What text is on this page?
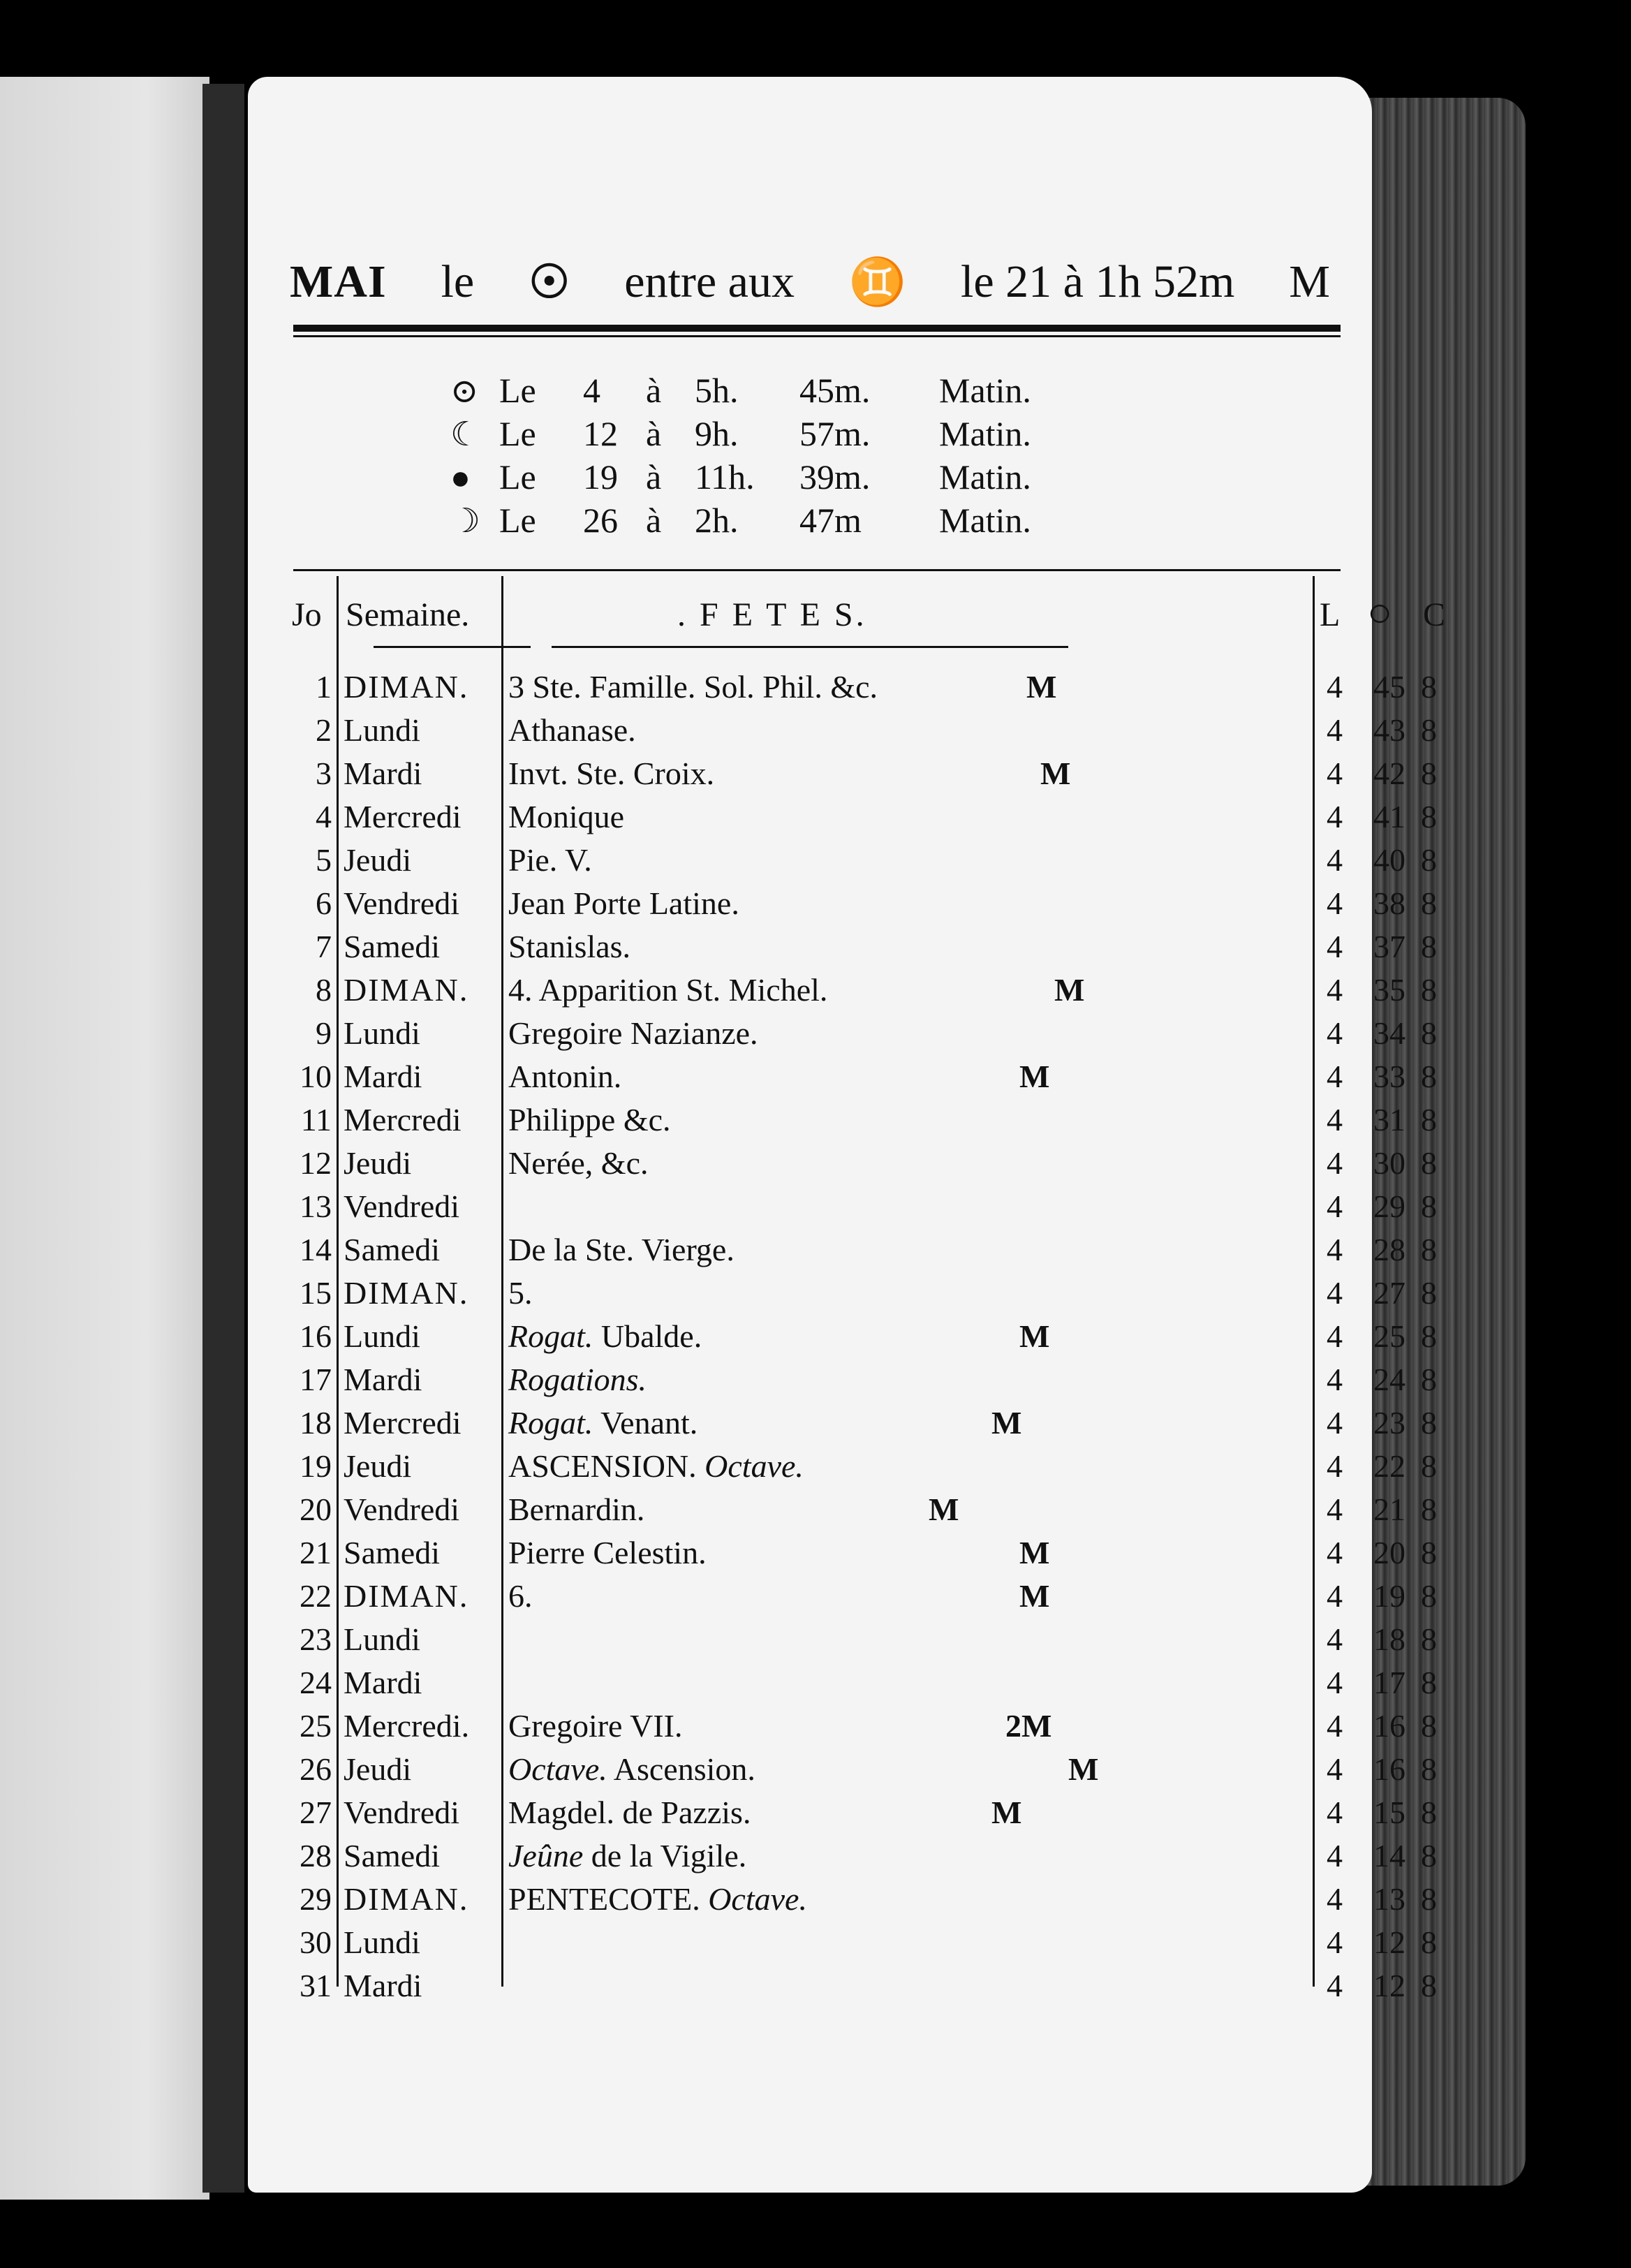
MAI le ☉ entre aux ♊ le 21 à 1h 52m M
⊙ Le	4	à 5h.	45m.	Matin.
☾ Le	12 à 9h.	57m.	Matin.
● Le	19 à 11h.	39m.	Matin.
☽ Le	26 à 2h.	47m	Matin.
Jo Semaine.	. F E T E S.	L ○ C
1 DIMAN. 3 Ste. Famille. Sol. Phil. &c.	M	4 45 8
2 Lundi	Athanase.	4 43 8
3 Mardi	Invt. Ste. Croix.	M	4 42 8
4 Mercredi Monique	4 41 8
5 Jeudi	Pie. V.	4 40 8
6 Vendredi Jean Porte Latine.	4 38 8
7 Samedi Stanislas.	4 37 8
8 DIMAN. 4. Apparition St. Michel.	M	4 35 8
9 Lundi	Gregoire Nazianze.	4 34 8
10 Mardi	Antonin.	M	4 33 8
11 Mercredi Philippe &c.	4 31 8
12 Jeudi	Nerée, &c.	4 30 8
13 Vendredi	4 29 8
14 Samedi De la Ste. Vierge.	4 28 8
15 DIMAN. 5.	4 27 8
16 Lundi	Rogat. Ubalde.	M	4 25 8
17 Mardi	Rogations.	4 24 8
18 Mercredi Rogat. Venant.	M	4 23 8
19 Jeudi	ASCENSION. Octave.	4 22 8
20 Vendredi Bernardin.	M	4 21 8
21 Samedi Pierre Celestin.	M	4 20 8
22 DIMAN. 6.	M	4 19 8
23 Lundi	4 18 8
24 Mardi	4 17 8
25 Mercredi. Gregoire VII.	2M	4 16 8
26 Jeudi	Octave. Ascension.	M	4 16 8
27 Vendredi Magdel. de Pazzis.	M	4 15 8
28 Samedi Jeûne de la Vigile.	4 14 8
29 DIMAN. PENTECOTE. Octave.	4 13 8
30 Lundi	4 12 8
31 Mardi	4 12 8
